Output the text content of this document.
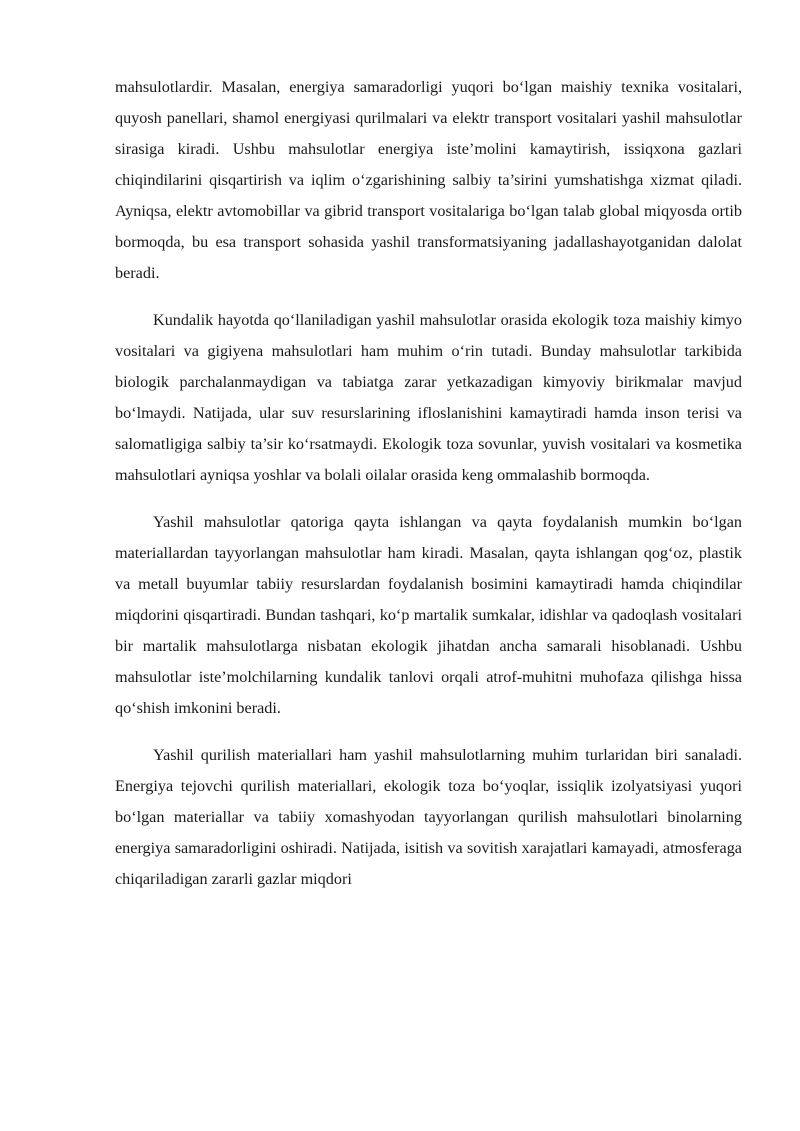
mahsulotlardir. Masalan, energiya samaradorligi yuqori bo‘lgan maishiy texnika vositalari, quyosh panellari, shamol energiyasi qurilmalari va elektr transport vositalari yashil mahsulotlar sirasiga kiradi. Ushbu mahsulotlar energiya iste’molini kamaytirish, issiqxona gazlari chiqindilarini qisqartirish va iqlim o‘zgarishining salbiy ta’sirini yumshatishga xizmat qiladi. Ayniqsa, elektr avtomobillar va gibrid transport vositalariga bo‘lgan talab global miqyosda ortib bormoqda, bu esa transport sohasida yashil transformatsiyaning jadallashayotganidan dalolat beradi.

Kundalik hayotda qo‘llaniladigan yashil mahsulotlar orasida ekologik toza maishiy kimyo vositalari va gigiyena mahsulotlari ham muhim o‘rin tutadi. Bunday mahsulotlar tarkibida biologik parchalanmaydigan va tabiatga zarar yetkazadigan kimyoviy birikmalar mavjud bo‘lmaydi. Natijada, ular suv resurslarining ifloslanishini kamaytiradi hamda inson terisi va salomatligiga salbiy ta’sir ko‘rsatmaydi. Ekologik toza sovunlar, yuvish vositalari va kosmetika mahsulotlari ayniqsa yoshlar va bolali oilalar orasida keng ommalashib bormoqda.

Yashil mahsulotlar qatoriga qayta ishlangan va qayta foydalanish mumkin bo‘lgan materiallardan tayyorlangan mahsulotlar ham kiradi. Masalan, qayta ishlangan qog‘oz, plastik va metall buyumlar tabiiy resurslardan foydalanish bosimini kamaytiradi hamda chiqindilar miqdorini qisqartiradi. Bundan tashqari, ko‘p martalik sumkalar, idishlar va qadoqlash vositalari bir martalik mahsulotlarga nisbatan ekologik jihatdan ancha samarali hisoblanadi. Ushbu mahsulotlar iste’molchilarning kundalik tanlovi orqali atrof-muhitni muhofaza qilishga hissa qo‘shish imkonini beradi.

Yashil qurilish materiallari ham yashil mahsulotlarning muhim turlaridan biri sanaladi. Energiya tejovchi qurilish materiallari, ekologik toza bo‘yoqlar, issiqlik izolyatsiyasi yuqori bo‘lgan materiallar va tabiiy xomashyodan tayyorlangan qurilish mahsulotlari binolarning energiya samaradorligini oshiradi. Natijada, isitish va sovitish xarajatlari kamayadi, atmosferaga chiqariladigan zararli gazlar miqdori
